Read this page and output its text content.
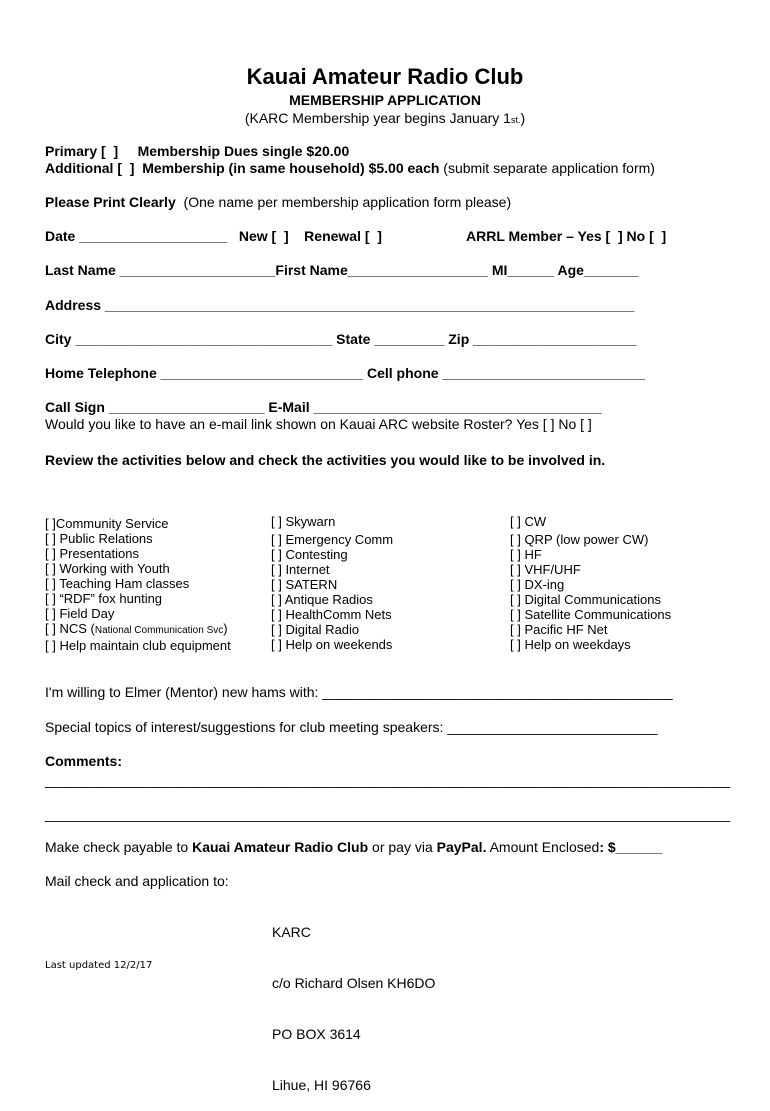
Kauai Amateur Radio Club
MEMBERSHIP APPLICATION
(KARC Membership year begins January 1st.)
Primary [  ]     Membership Dues single $20.00
Additional [  ]  Membership (in same household) $5.00 each (submit separate application form)
Please Print Clearly  (One name per membership application form please)
Date ___________________   New [  ]    Renewal [  ]	ARRL Member – Yes [  ] No [  ]
Last Name ____________________First Name__________________ MI______ Age_______
Address ____________________________________________________________________
City _________________________________ State _________ Zip _____________________
Home Telephone __________________________ Cell phone __________________________
Call Sign ____________________ E-Mail _____________________________________
Would you like to have an e-mail link shown on Kauai ARC website Roster? Yes [ ] No [ ]
Review the activities below and check the activities you would like to be involved in.
[ ]Community Service
[ ] Public Relations
[ ] Presentations
[ ] Working with Youth
[ ] Teaching Ham classes
[ ] “RDF” fox hunting
[ ] Field Day
[ ] NCS (National Communication Svc)
[ ] Help maintain club equipment
[ ] Skywarn
[ ] Emergency Comm
[ ] Contesting
[ ] Internet
[ ] SATERN
[ ] Antique Radios
[ ] HealthComm Nets
[ ] Digital Radio
[ ] Help on weekends
[ ] CW
[ ] QRP (low power CW)
[ ] HF
[ ] VHF/UHF
[ ] DX-ing
[ ] Digital Communications
[ ] Satellite Communications
[ ] Pacific HF Net
[ ] Help on weekdays
I'm willing to Elmer (Mentor) new hams with: _____________________________________________
Special topics of interest/suggestions for club meeting speakers: ___________________________
Comments:
________________________________________________________________________________________
________________________________________________________________________________________
Make check payable to Kauai Amateur Radio Club or pay via PayPal. Amount Enclosed: $______
Mail check and application to:

KARC

c/o Richard Olsen KH6DO

PO BOX 3614

Lihue, HI 96766

Last updated 12/2/17
